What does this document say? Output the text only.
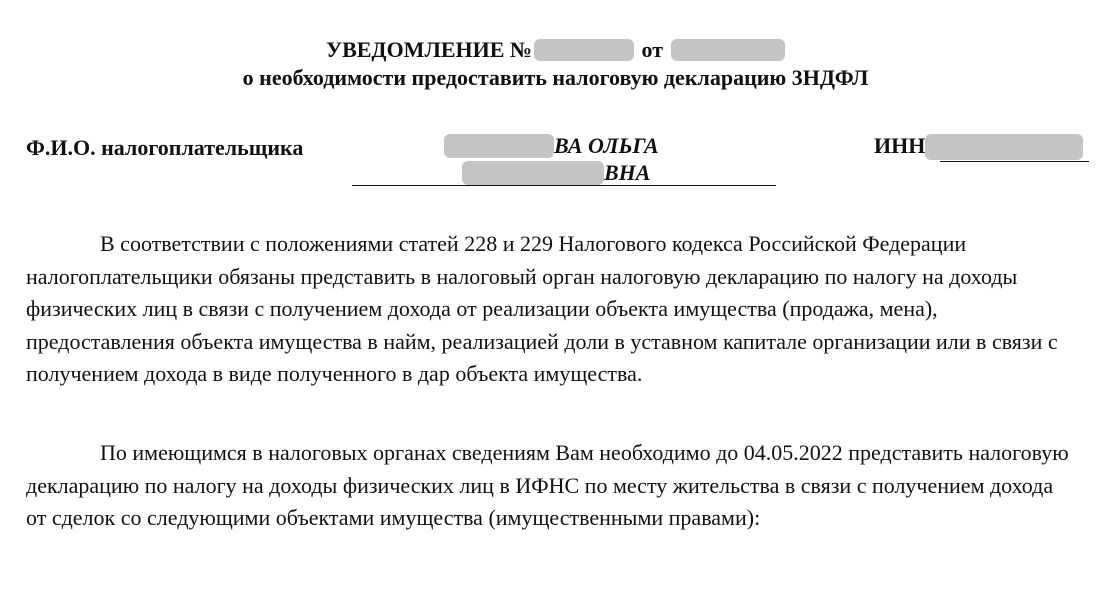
УВЕДОМЛЕНИЕ №	от
о необходимости предоставить налоговую декларацию 3НДФЛ
Ф.И.О. налогоплательщика	ВА ОЛЬГА
ВНА
ИНН

В соответствии с положениями статей 228 и 229 Налогового кодекса Российской Федерации налогоплательщики обязаны представить в налоговый орган налоговую декларацию по налогу на доходы физических лиц в связи с получением дохода от реализации объекта имущества (продажа, мена), предоставления объекта имущества в найм, реализацией доли в уставном капитале организации или в связи с получением дохода в виде полученного в дар объекта имущества.

По имеющимся в налоговых органах сведениям Вам необходимо до 04.05.2022 представить налоговую декларацию по налогу на доходы физических лиц в ИФНС по месту жительства в связи с получением дохода от сделок со следующими объектами имущества (имущественными правами):
